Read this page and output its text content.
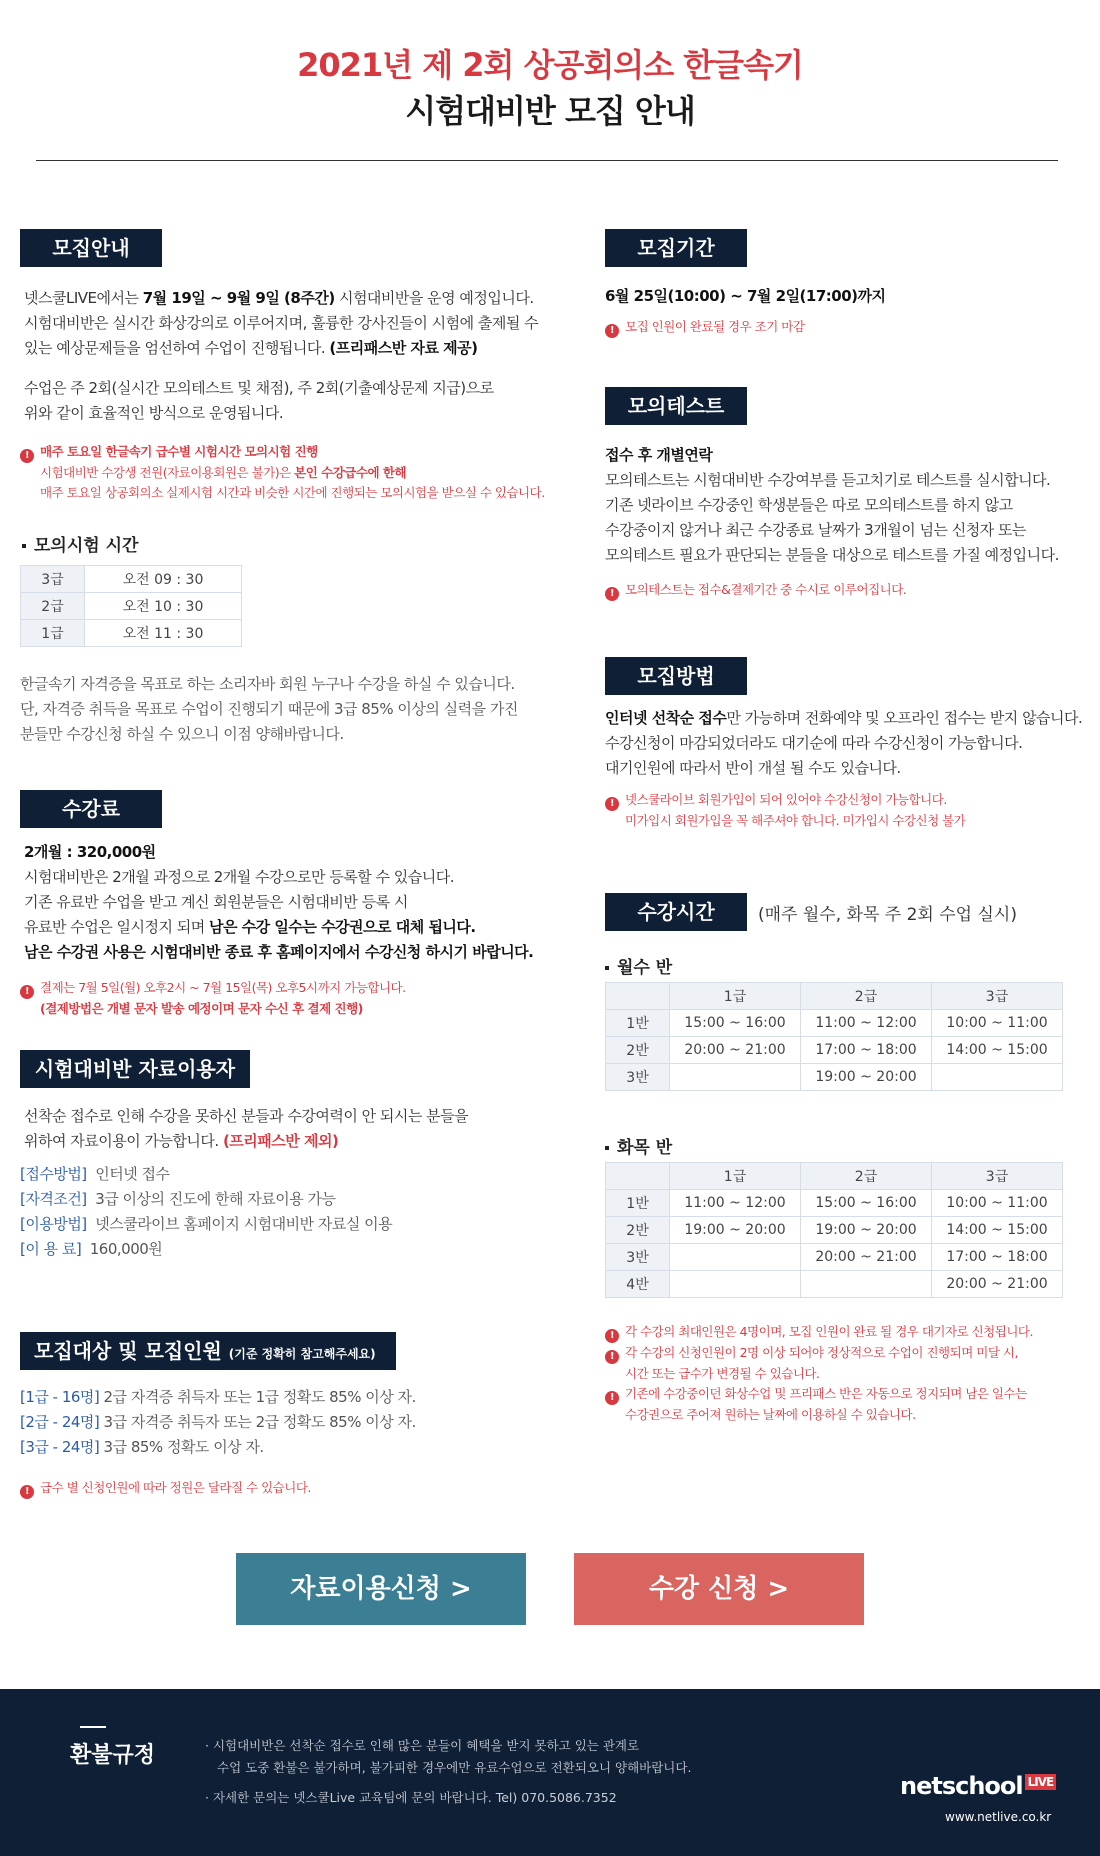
2021년 제 2회 상공회의소 한글속기
시험대비반 모집 안내
모집안내
넷스쿨LIVE에서는 7월 19일 ~ 9월 9일 (8주간) 시험대비반을 운영 예정입니다.
시험대비반은 실시간 화상강의로 이루어지며, 훌륭한 강사진들이 시험에 출제될 수
있는 예상문제들을 엄선하여 수업이 진행됩니다. (프리패스반 자료 제공)
수업은 주 2회(실시간 모의테스트 및 채점), 주 2회(기출예상문제 지급)으로
위와 같이 효율적인 방식으로 운영됩니다.
! 매주 토요일 한글속기 급수별 시험시간 모의시험 진행
시험대비반 수강생 전원(자료이용회원은 불가)은 본인 수강급수에 한해
매주 토요일 상공회의소 실제시험 시간과 비슷한 시간에 진행되는 모의시험을 받으실 수 있습니다.
모의시험 시간
3급	오전 09 : 30
2급	오전 10 : 30
1급	오전 11 : 30
한글속기 자격증을 목표로 하는 소리자바 회원 누구나 수강을 하실 수 있습니다.
단, 자격증 취득을 목표로 수업이 진행되기 때문에 3급 85% 이상의 실력을 가진
분들만 수강신청 하실 수 있으니 이점 양해바랍니다.
수강료
2개월 : 320,000원
시험대비반은 2개월 과정으로 2개월 수강으로만 등록할 수 있습니다.
기존 유료반 수업을 받고 계신 회원분들은 시험대비반 등록 시
유료반 수업은 일시정지 되며 남은 수강 일수는 수강권으로 대체 됩니다.
남은 수강권 사용은 시험대비반 종료 후 홈페이지에서 수강신청 하시기 바랍니다.
! 결제는 7월 5일(월) 오후2시 ~ 7월 15일(목) 오후5시까지 가능합니다.
(결제방법은 개별 문자 발송 예정이며 문자 수신 후 결제 진행)
시험대비반 자료이용자
선착순 접수로 인해 수강을 못하신 분들과 수강여력이 안 되시는 분들을
위하여 자료이용이 가능합니다. (프리패스반 제외)
[접수방법] 인터넷 접수
[자격조건] 3급 이상의 진도에 한해 자료이용 가능
[이용방법] 넷스쿨라이브 홈페이지 시험대비반 자료실 이용
[이 용 료] 160,000원
모집대상 및 모집인원 (기준 정확히 참고해주세요)
[1급 - 16명] 2급 자격증 취득자 또는 1급 정확도 85% 이상 자.
[2급 - 24명] 3급 자격증 취득자 또는 2급 정확도 85% 이상 자.
[3급 - 24명] 3급 85% 정확도 이상 자.
! 급수 별 신청인원에 따라 정원은 달라질 수 있습니다.
모집기간
6월 25일(10:00) ~ 7월 2일(17:00)까지
! 모집 인원이 완료될 경우 조기 마감
모의테스트
접수 후 개별연락
모의테스트는 시험대비반 수강여부를 듣고치기로 테스트를 실시합니다.
기존 넷라이브 수강중인 학생분들은 따로 모의테스트를 하지 않고
수강중이지 않거나 최근 수강종료 날짜가 3개월이 넘는 신청자 또는
모의테스트 필요가 판단되는 분들을 대상으로 테스트를 가질 예정입니다.
! 모의테스트는 접수&결제기간 중 수시로 이루어집니다.
모집방법
인터넷 선착순 접수만 가능하며 전화예약 및 오프라인 접수는 받지 않습니다.
수강신청이 마감되었더라도 대기순에 따라 수강신청이 가능합니다.
대기인원에 따라서 반이 개설 될 수도 있습니다.
! 넷스쿨라이브 회원가입이 되어 있어야 수강신청이 가능합니다.
미가입시 회원가입을 꼭 해주셔야 합니다. 미가입시 수강신청 불가
수강시간	(매주 월수, 화목 주 2회 수업 실시)
월수 반
	1급	2급	3급
1반	15:00 ~ 16:00	11:00 ~ 12:00	10:00 ~ 11:00
2반	20:00 ~ 21:00	17:00 ~ 18:00	14:00 ~ 15:00
3반		19:00 ~ 20:00	
화목 반
	1급	2급	3급
1반	11:00 ~ 12:00	15:00 ~ 16:00	10:00 ~ 11:00
2반	19:00 ~ 20:00	19:00 ~ 20:00	14:00 ~ 15:00
3반		20:00 ~ 21:00	17:00 ~ 18:00
4반			20:00 ~ 21:00
! 각 수강의 최대인원은 4명이며, 모집 인원이 완료 될 경우 대기자로 신청됩니다.
! 각 수강의 신청인원이 2명 이상 되어야 정상적으로 수업이 진행되며 미달 시,
시간 또는 급수가 변경될 수 있습니다.
! 기존에 수강중이던 화상수업 및 프리패스 반은 자동으로 정지되며 남은 일수는
수강권으로 주어져 원하는 날짜에 이용하실 수 있습니다.
자료이용신청 >	수강 신청 >
환불규정	· 시험대비반은 선착순 접수로 인해 많은 분들이 혜택을 받지 못하고 있는 관계로
수업 도중 환불은 불가하며, 불가피한 경우에만 유료수업으로 전환되오니 양해바랍니다.
· 자세한 문의는 넷스쿨Live 교육팀에 문의 바랍니다. Tel) 070.5086.7352	netschool LIVE
www.netlive.co.kr
